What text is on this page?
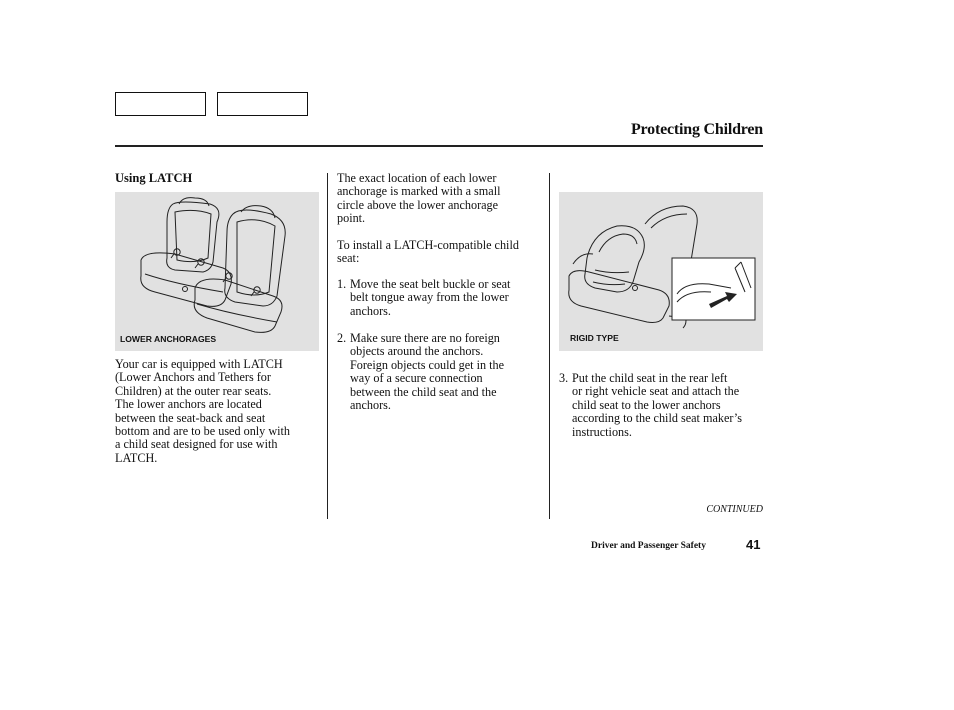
Protecting Children
Using LATCH
LOWER ANCHORAGES
Your car is equipped with LATCH
(Lower Anchors and Tethers for
Children) at the outer rear seats.
The lower anchors are located
between the seat-back and seat
bottom and are to be used only with
a child seat designed for use with
LATCH.
The exact location of each lower
anchorage is marked with a small
circle above the lower anchorage
point.
To install a LATCH-compatible child
seat:
1. Move the seat belt buckle or seat
belt tongue away from the lower
anchors.
2. Make sure there are no foreign
objects around the anchors.
Foreign objects could get in the
way of a secure connection
between the child seat and the
anchors.
RIGID TYPE
3. Put the child seat in the rear left
or right vehicle seat and attach the
child seat to the lower anchors
according to the child seat maker’s
instructions.
CONTINUED
Driver and Passenger Safety	41
